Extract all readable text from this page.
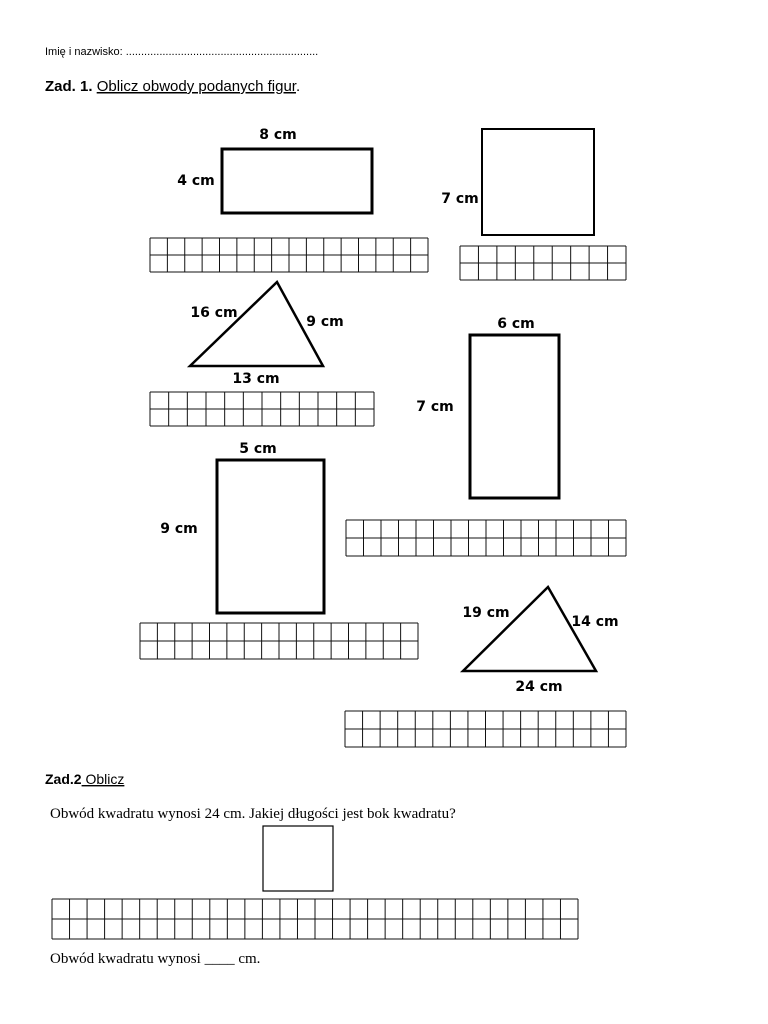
Imię i nazwisko: ...............................................................
Zad. 1. Oblicz obwody podanych figur.
8 cm
4 cm
7 cm
16 cm
9 cm
13 cm
6 cm
7 cm
5 cm
9 cm
19 cm
14 cm
24 cm
Zad.2 Oblicz
Obwód kwadratu wynosi 24 cm. Jakiej długości jest bok kwadratu?
Obwód kwadratu wynosi ____ cm.
